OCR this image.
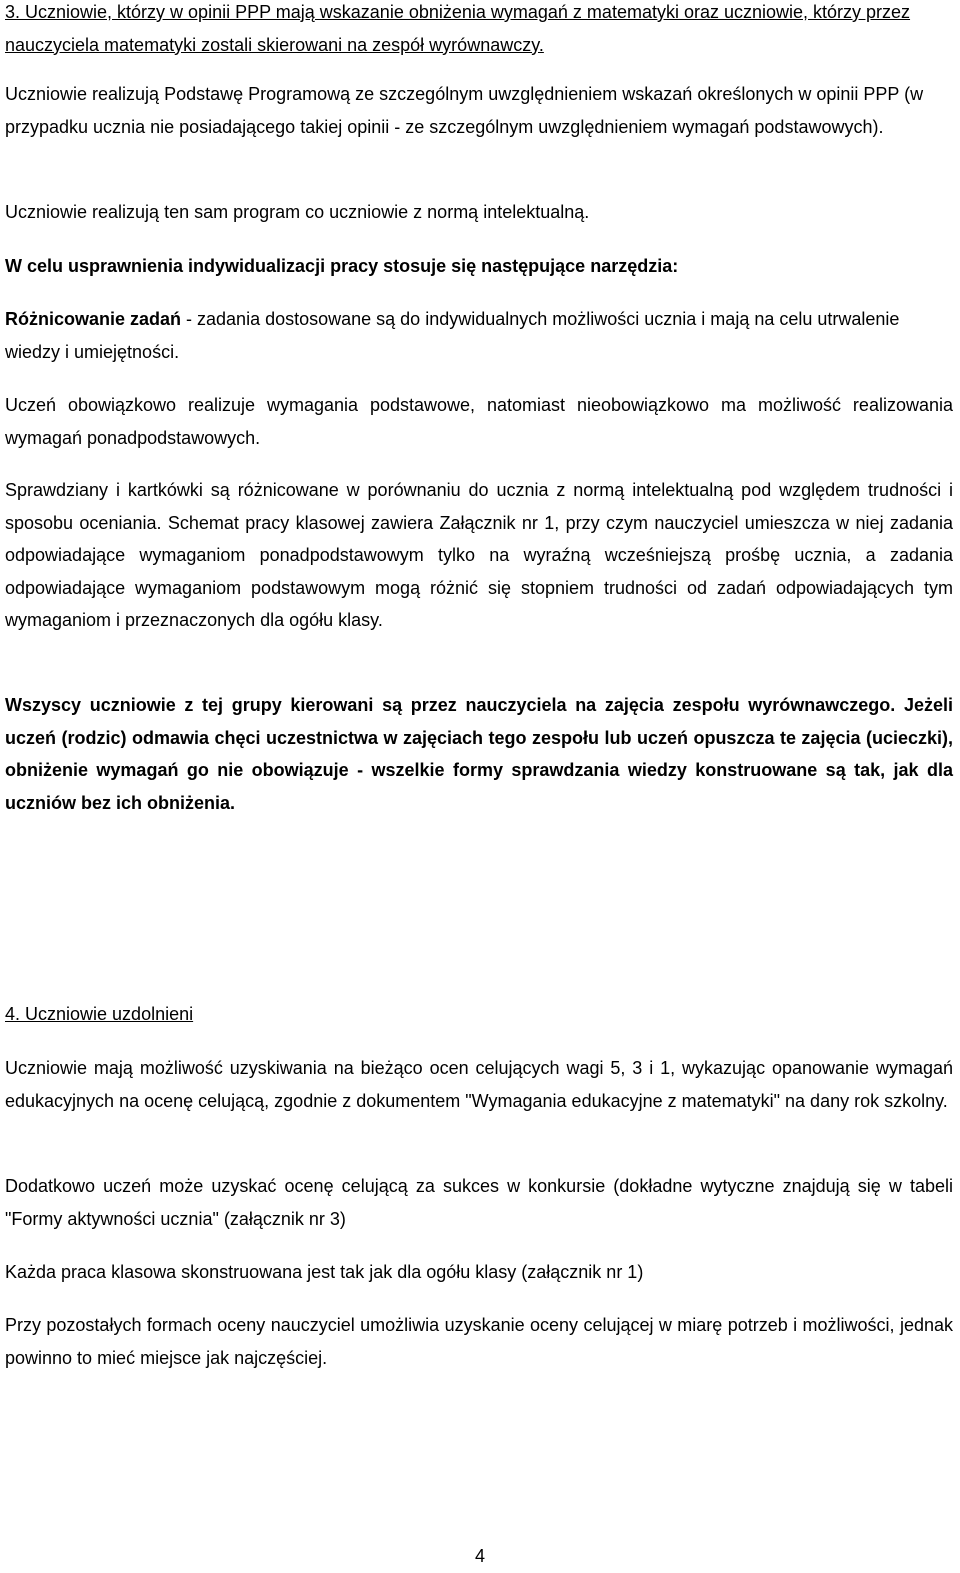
3. Uczniowie, którzy w opinii PPP mają wskazanie obniżenia wymagań z matematyki oraz uczniowie, którzy przez nauczyciela matematyki zostali skierowani na zespół wyrównawczy.

Uczniowie realizują Podstawę Programową ze szczególnym uwzględnieniem wskazań określonych w opinii PPP (w przypadku ucznia nie posiadającego takiej opinii - ze szczególnym uwzględnieniem wymagań podstawowych).

Uczniowie realizują ten sam program co uczniowie z normą intelektualną.

W celu usprawnienia indywidualizacji pracy stosuje się następujące narzędzia:

Różnicowanie zadań - zadania dostosowane są do indywidualnych możliwości ucznia i mają na celu utrwalenie wiedzy i umiejętności.

Uczeń obowiązkowo realizuje wymagania podstawowe, natomiast nieobowiązkowo ma możliwość realizowania wymagań ponadpodstawowych.

Sprawdziany i kartkówki są różnicowane w porównaniu do ucznia z normą intelektualną pod względem trudności i sposobu oceniania. Schemat pracy klasowej zawiera Załącznik nr 1, przy czym nauczyciel umieszcza w niej zadania odpowiadające wymaganiom ponadpodstawowym tylko na wyraźną wcześniejszą prośbę ucznia, a zadania odpowiadające wymaganiom podstawowym mogą różnić się stopniem trudności od zadań odpowiadających tym wymaganiom i przeznaczonych dla ogółu klasy.

Wszyscy uczniowie z tej grupy kierowani są przez nauczyciela na zajęcia zespołu wyrównawczego. Jeżeli uczeń (rodzic) odmawia chęci uczestnictwa w zajęciach tego zespołu lub uczeń opuszcza te zajęcia (ucieczki), obniżenie wymagań go nie obowiązuje - wszelkie formy sprawdzania wiedzy konstruowane są tak, jak dla uczniów bez ich obniżenia.

4. Uczniowie uzdolnieni

Uczniowie mają możliwość uzyskiwania na bieżąco ocen celujących wagi 5, 3 i 1, wykazując opanowanie wymagań edukacyjnych na ocenę celującą, zgodnie z dokumentem "Wymagania edukacyjne z matematyki" na dany rok szkolny.

Dodatkowo uczeń może uzyskać ocenę celującą za sukces w konkursie (dokładne wytyczne znajdują się w tabeli "Formy aktywności ucznia" (załącznik nr 3)

Każda praca klasowa skonstruowana jest tak jak dla ogółu klasy (załącznik nr 1)

Przy pozostałych formach oceny nauczyciel umożliwia uzyskanie oceny celującej w miarę potrzeb i możliwości, jednak powinno to mieć miejsce jak najczęściej.

4
